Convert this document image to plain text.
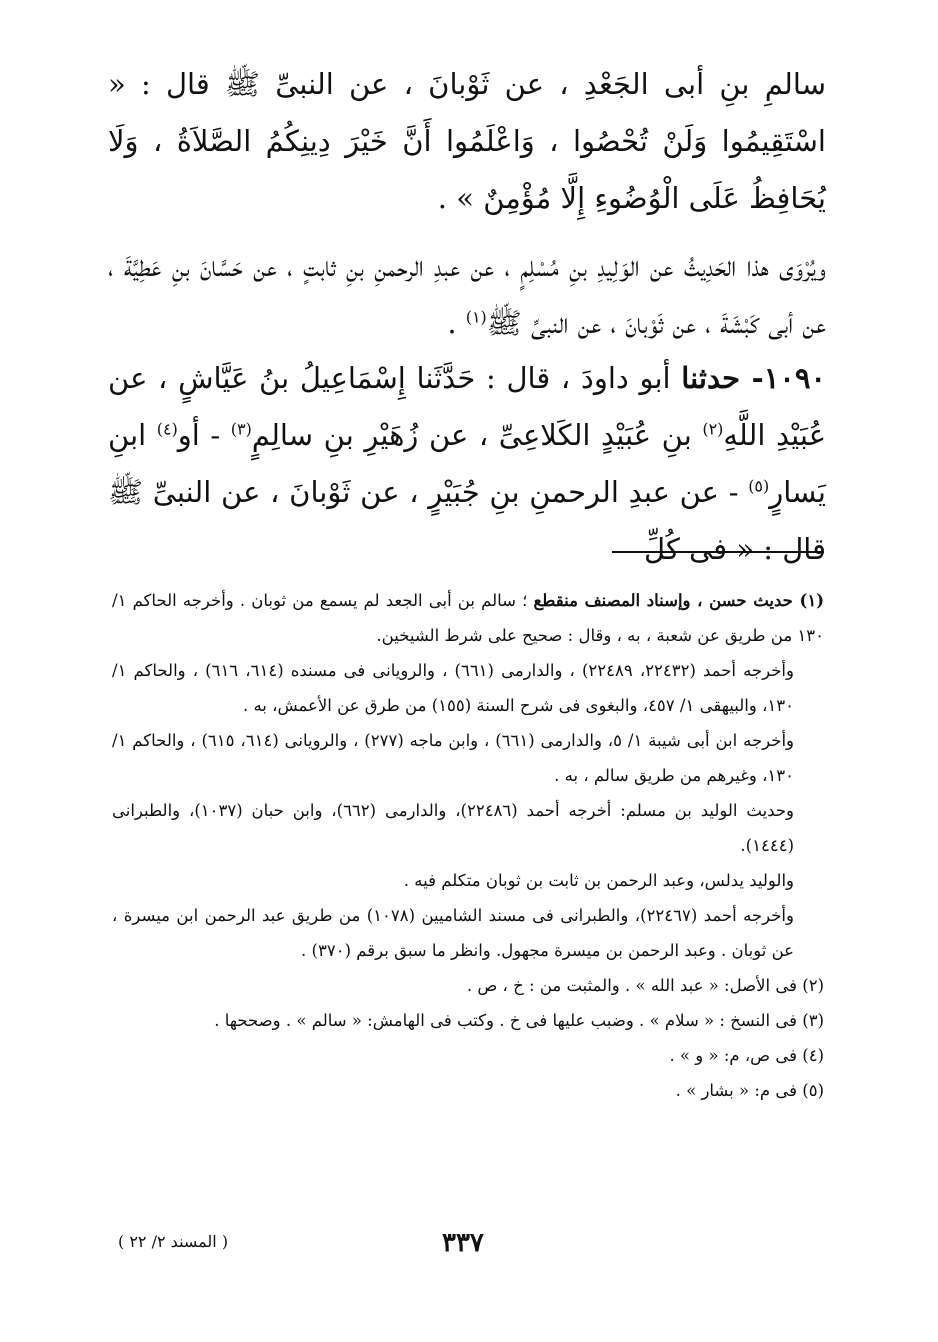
سالمِ بنِ أبى الجَعْدِ ، عن ثَوْبانَ ، عن النبىِّ ﷺ قال : « اسْتَقِيمُوا وَلَنْ تُحْصُوا ، وَاعْلَمُوا أَنَّ خَيْرَ دِينِكُمُ الصَّلاَةُ ، وَلَا يُحَافِظُ عَلَى الْوُضُوءِ إِلَّا مُؤْمِنٌ » .

ويُرْوَى هذا الحَدِيثُ عن الوَلِيدِ بنِ مُسْلِمٍ ، عن عبدِ الرحمنِ بنِ ثابتٍ ، عن حَسَّانَ بنِ عَطِيَّةَ ، عن أبى كَبْشَةَ ، عن ثَوْبانَ ، عن النبىِّ ﷺ$^{(١)}$ .

١٠٩٠- حدثنا أبو داودَ ، قال : حَدَّثَنا إِسْمَاعِيلُ بنُ عَيَّاشٍ ، عن عُبَيْدِ اللَّهِ$^{(٢)}$ بنِ عُبَيْدٍ الكَلاعِىِّ ، عن زُهَيْرِ بنِ سالِمٍ$^{(٣)}$ - أو$^{(٤)}$ ابنِ يَسارٍ$^{(٥)}$ - عن عبدِ الرحمنِ بنِ جُبَيْرٍ ، عن ثَوْبانَ ، عن النبىِّ ﷺ قال : « فى كُلِّ

(١) حديث حسن ، وإسناد المصنف منقطع ؛ سالم بن أبى الجعد لم يسمع من ثوبان . وأخرجه الحاكم ١/ ١٣٠ من طريق عن شعبة ، به ، وقال : صحيح على شرط الشيخين.

وأخرجه أحمد (٢٢٤٣٢، ٢٢٤٨٩) ، والدارمى (٦٦١) ، والرويانى فى مسنده (٦١٤، ٦١٦) ، والحاكم ١/ ١٣٠، والبيهقى ١/ ٤٥٧، والبغوى فى شرح السنة (١٥٥) من طرق عن الأعمش، به .

وأخرجه ابن أبى شيبة ١/ ٥، والدارمى (٦٦١) ، وابن ماجه (٢٧٧) ، والرويانى (٦١٤، ٦١٥) ، والحاكم ١/ ١٣٠، وغيرهم من طريق سالم ، به .

وحديث الوليد بن مسلم: أخرجه أحمد (٢٢٤٨٦)، والدارمى (٦٦٢)، وابن حبان (١٠٣٧)، والطبرانى (١٤٤٤).

والوليد يدلس، وعبد الرحمن بن ثابت بن ثوبان متكلم فيه .

وأخرجه أحمد (٢٢٤٦٧)، والطبرانى فى مسند الشاميين (١٠٧٨) من طريق عبد الرحمن ابن ميسرة ، عن ثوبان . وعبد الرحمن بن ميسرة مجهول. وانظر ما سبق برقم (٣٧٠) .

(٢) فى الأصل: « عبد الله » . والمثبت من : خ ، ص .

(٣) فى النسخ : « سلام » . وضبب عليها فى خ . وكتب فى الهامش: « سالم » . وصححها .

(٤) فى ص، م: « و » .

(٥) فى م: « بشار » .

( المسند ٢/ ٢٢ )	٣٣٧
